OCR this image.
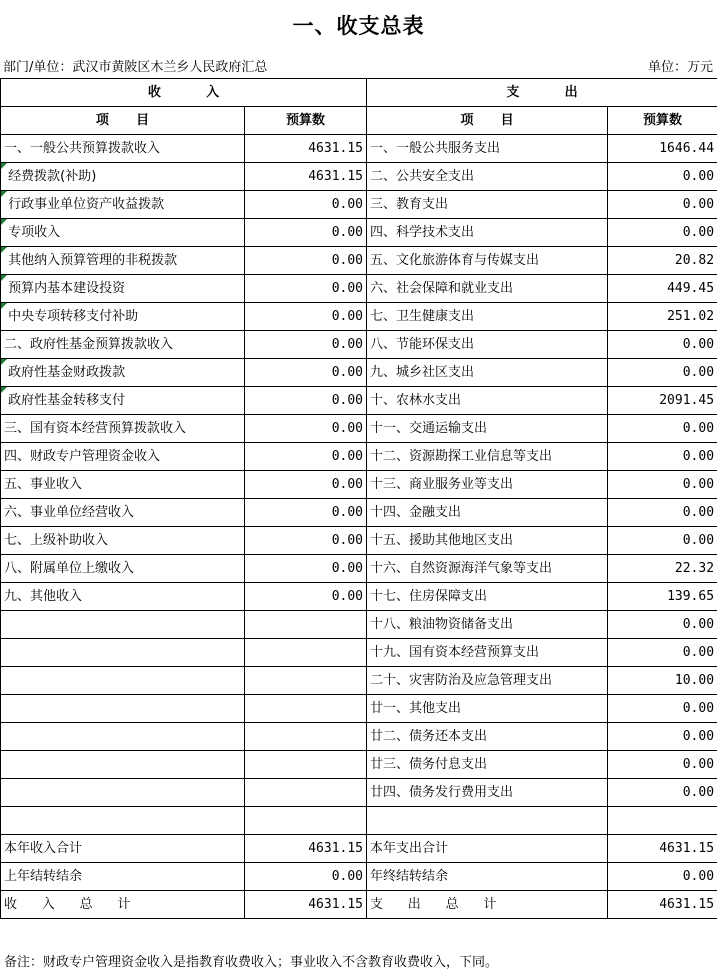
一、收支总表
部门/单位：武汉市黄陂区木兰乡人民政府汇总	单位：万元
收          入		支          出	
项      目	预算数		项      目	预算数
一、一般公共预算拨款收入	4631.15		一、一般公共服务支出	1646.44
经费拨款(补助)	4631.15		二、公共安全支出	0.00
行政事业单位资产收益拨款	0.00		三、教育支出	0.00
专项收入	0.00		四、科学技术支出	0.00
其他纳入预算管理的非税拨款	0.00		五、文化旅游体育与传媒支出	20.82
预算内基本建设投资	0.00		六、社会保障和就业支出	449.45
中央专项转移支付补助	0.00		七、卫生健康支出	251.02
二、政府性基金预算拨款收入	0.00		八、节能环保支出	0.00
政府性基金财政拨款	0.00		九、城乡社区支出	0.00
政府性基金转移支付	0.00		十、农林水支出	2091.45
三、国有资本经营预算拨款收入	0.00		十一、交通运输支出	0.00
四、财政专户管理资金收入	0.00		十二、资源勘探工业信息等支出	0.00
五、事业收入	0.00		十三、商业服务业等支出	0.00
六、事业单位经营收入	0.00		十四、金融支出	0.00
七、上级补助收入	0.00		十五、援助其他地区支出	0.00
八、附属单位上缴收入	0.00		十六、自然资源海洋气象等支出	22.32
九、其他收入	0.00		十七、住房保障支出	139.65
			十八、粮油物资储备支出	0.00
			十九、国有资本经营预算支出	0.00
			二十、灾害防治及应急管理支出	10.00
			廿一、其他支出	0.00
			廿二、债务还本支出	0.00
			廿三、债务付息支出	0.00
			廿四、债务发行费用支出	0.00

本年收入合计	4631.15		本年支出合计	4631.15
上年结转结余	0.00		年终结转结余	0.00
收      入      总      计	4631.15		支      出      总      计	4631.15
备注：财政专户管理资金收入是指教育收费收入；事业收入不含教育收费收入，下同。
